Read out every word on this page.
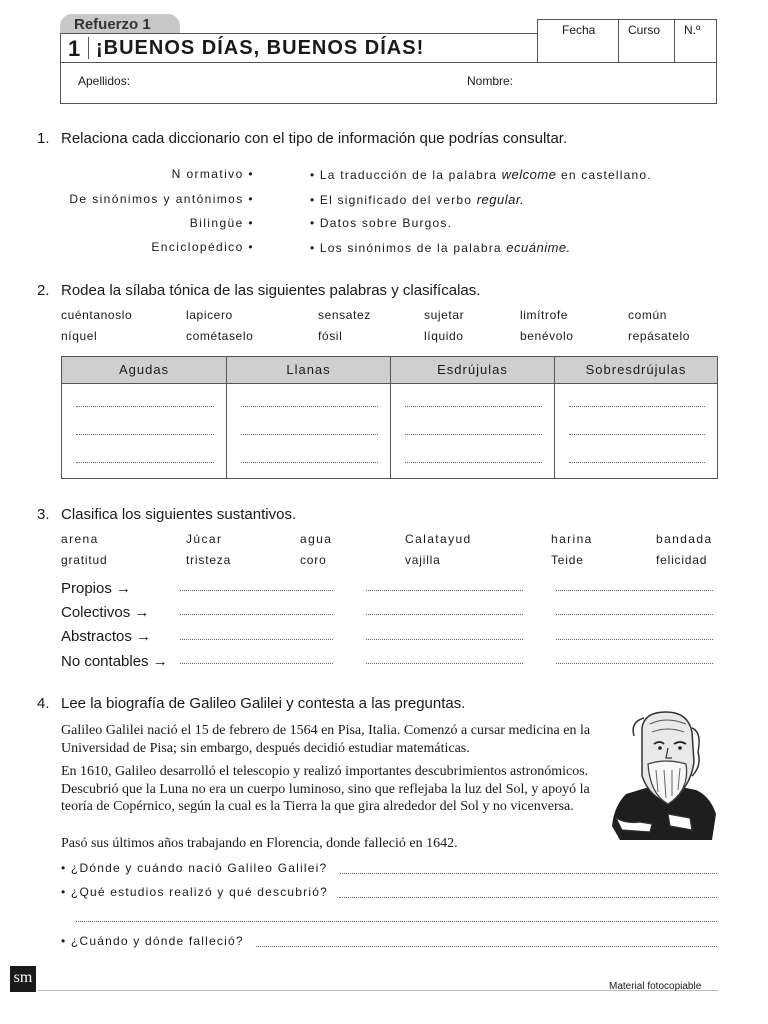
Refuerzo 1
1 ¡BUENOS DÍAS, BUENOS DÍAS!
Fecha	Curso	N.º
Apellidos:	Nombre:
1. Relaciona cada diccionario con el tipo de información que podrías consultar.
N ormativo •
De sinónimos y antónimos •
Bilingüe •
Enciclopédico •
• La traducción de la palabra welcome en castellano.
• El significado del verbo regular.
• Datos sobre Burgos.
• Los sinónimos de la palabra ecuánime.
2. Rodea la sílaba tónica de las siguientes palabras y clasifícalas.
cuéntanoslo	lapicero	sensatez	sujetar	limítrofe	común
níquel	cométaselo	fósil	líquido	benévolo	repásatelo
Agudas	Llanas	Esdrújulas	Sobresdrújulas
3. Clasifica los siguientes sustantivos.
arena	Júcar	agua	Calatayud	harina	bandada
gratitud	tristeza	coro	vajilla	Teide	felicidad
Propios →
Colectivos →
Abstractos →
No contables →
4. Lee la biografía de Galileo Galilei y contesta a las preguntas.
Galileo Galilei nació el 15 de febrero de 1564 en Pisa, Italia. Comenzó a cursar medicina en la Universidad de Pisa; sin embargo, después decidió estudiar matemáticas.
En 1610, Galileo desarrolló el telescopio y realizó importantes descubrimientos astronómicos. Descubrió que la Luna no era un cuerpo luminoso, sino que reflejaba la luz del Sol, y apoyó la teoría de Copérnico, según la cual es la Tierra la que gira alrededor del Sol y no vicenversa.
Pasó sus últimos años trabajando en Florencia, donde falleció en 1642.
• ¿Dónde y cuándo nació Galileo Galilei?
• ¿Qué estudios realizó y qué descubrió?
• ¿Cuándo y dónde falleció?
sm
Material fotocopiable
